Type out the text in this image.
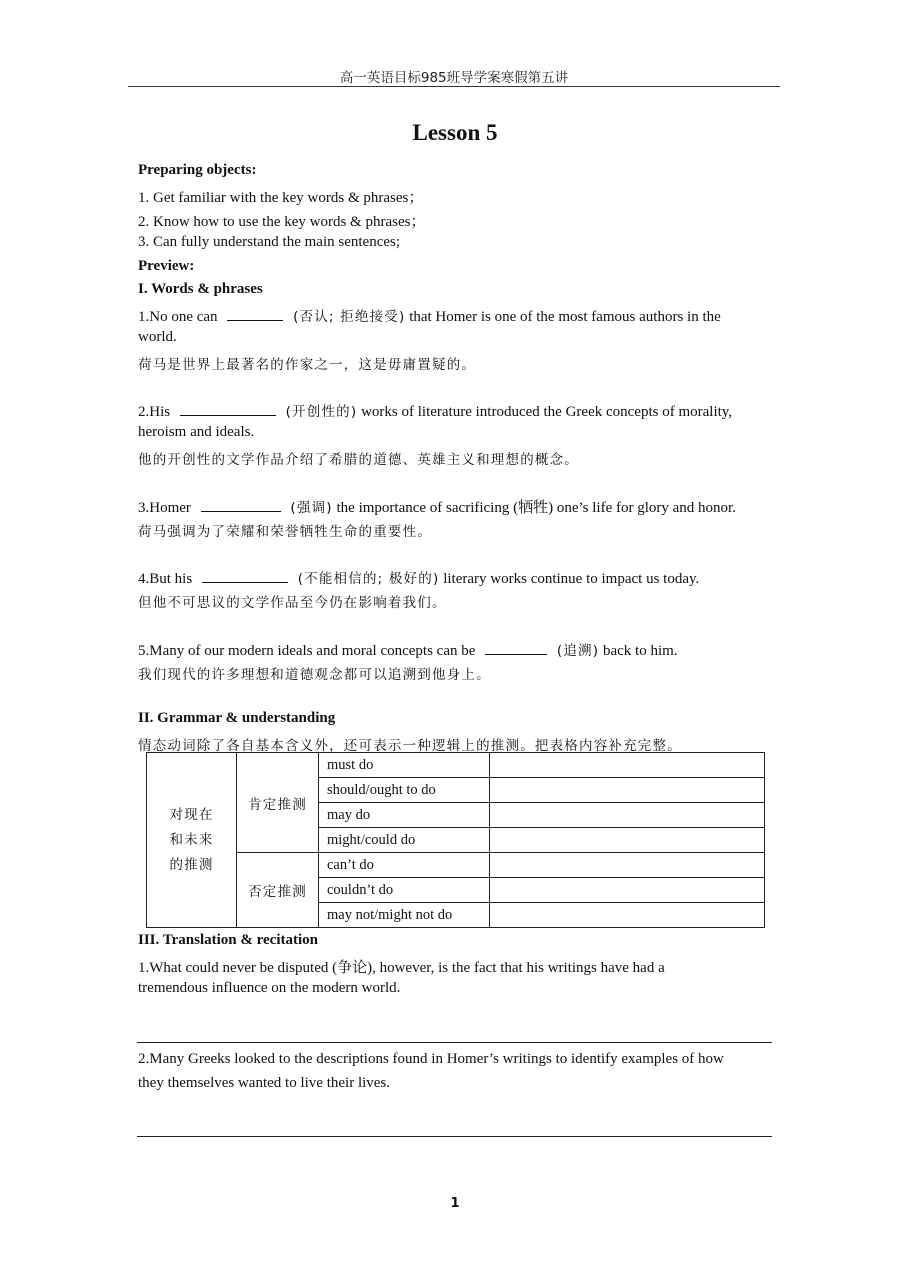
高一英语目标985班导学案寒假第五讲
Lesson 5
Preparing objects:
1. Get familiar with the key words & phrases；
2. Know how to use the key words & phrases；
3. Can fully understand the main sentences;
Preview:
I. Words & phrases
1.No one can	(否认; 拒绝接受) that Homer is one of the most famous authors in the
world.
荷马是世界上最著名的作家之一，这是毋庸置疑的。
2.His	(开创性的) works of literature introduced the Greek concepts of morality,
heroism and ideals.
他的开创性的文学作品介绍了希腊的道德、英雄主义和理想的概念。
3.Homer	(强调) the importance of sacrificing (牺牲) one’s life for glory and honor.
荷马强调为了荣耀和荣誉牺牲生命的重要性。
4.But his	(不能相信的; 极好的) literary works continue to impact us today.
但他不可思议的文学作品至今仍在影响着我们。
5.Many of our modern ideals and moral concepts can be	(追溯) back to him.
我们现代的许多理想和道德观念都可以追溯到他身上。
II. Grammar & understanding
情态动词除了各自基本含义外，还可表示一种逻辑上的推测。把表格内容补充完整。
对现在
和未来
的推测	肯定推测	must do	
		should/ought to do	
		may do	
		might/could do	
	否定推测	can’t do	
		couldn’t do	
		may not/might not do	
III. Translation & recitation
1.What could never be disputed (争论), however, is the fact that his writings have had a
tremendous influence on the modern world.
2.Many Greeks looked to the descriptions found in Homer’s writings to identify examples of how
they themselves wanted to live their lives.
1
